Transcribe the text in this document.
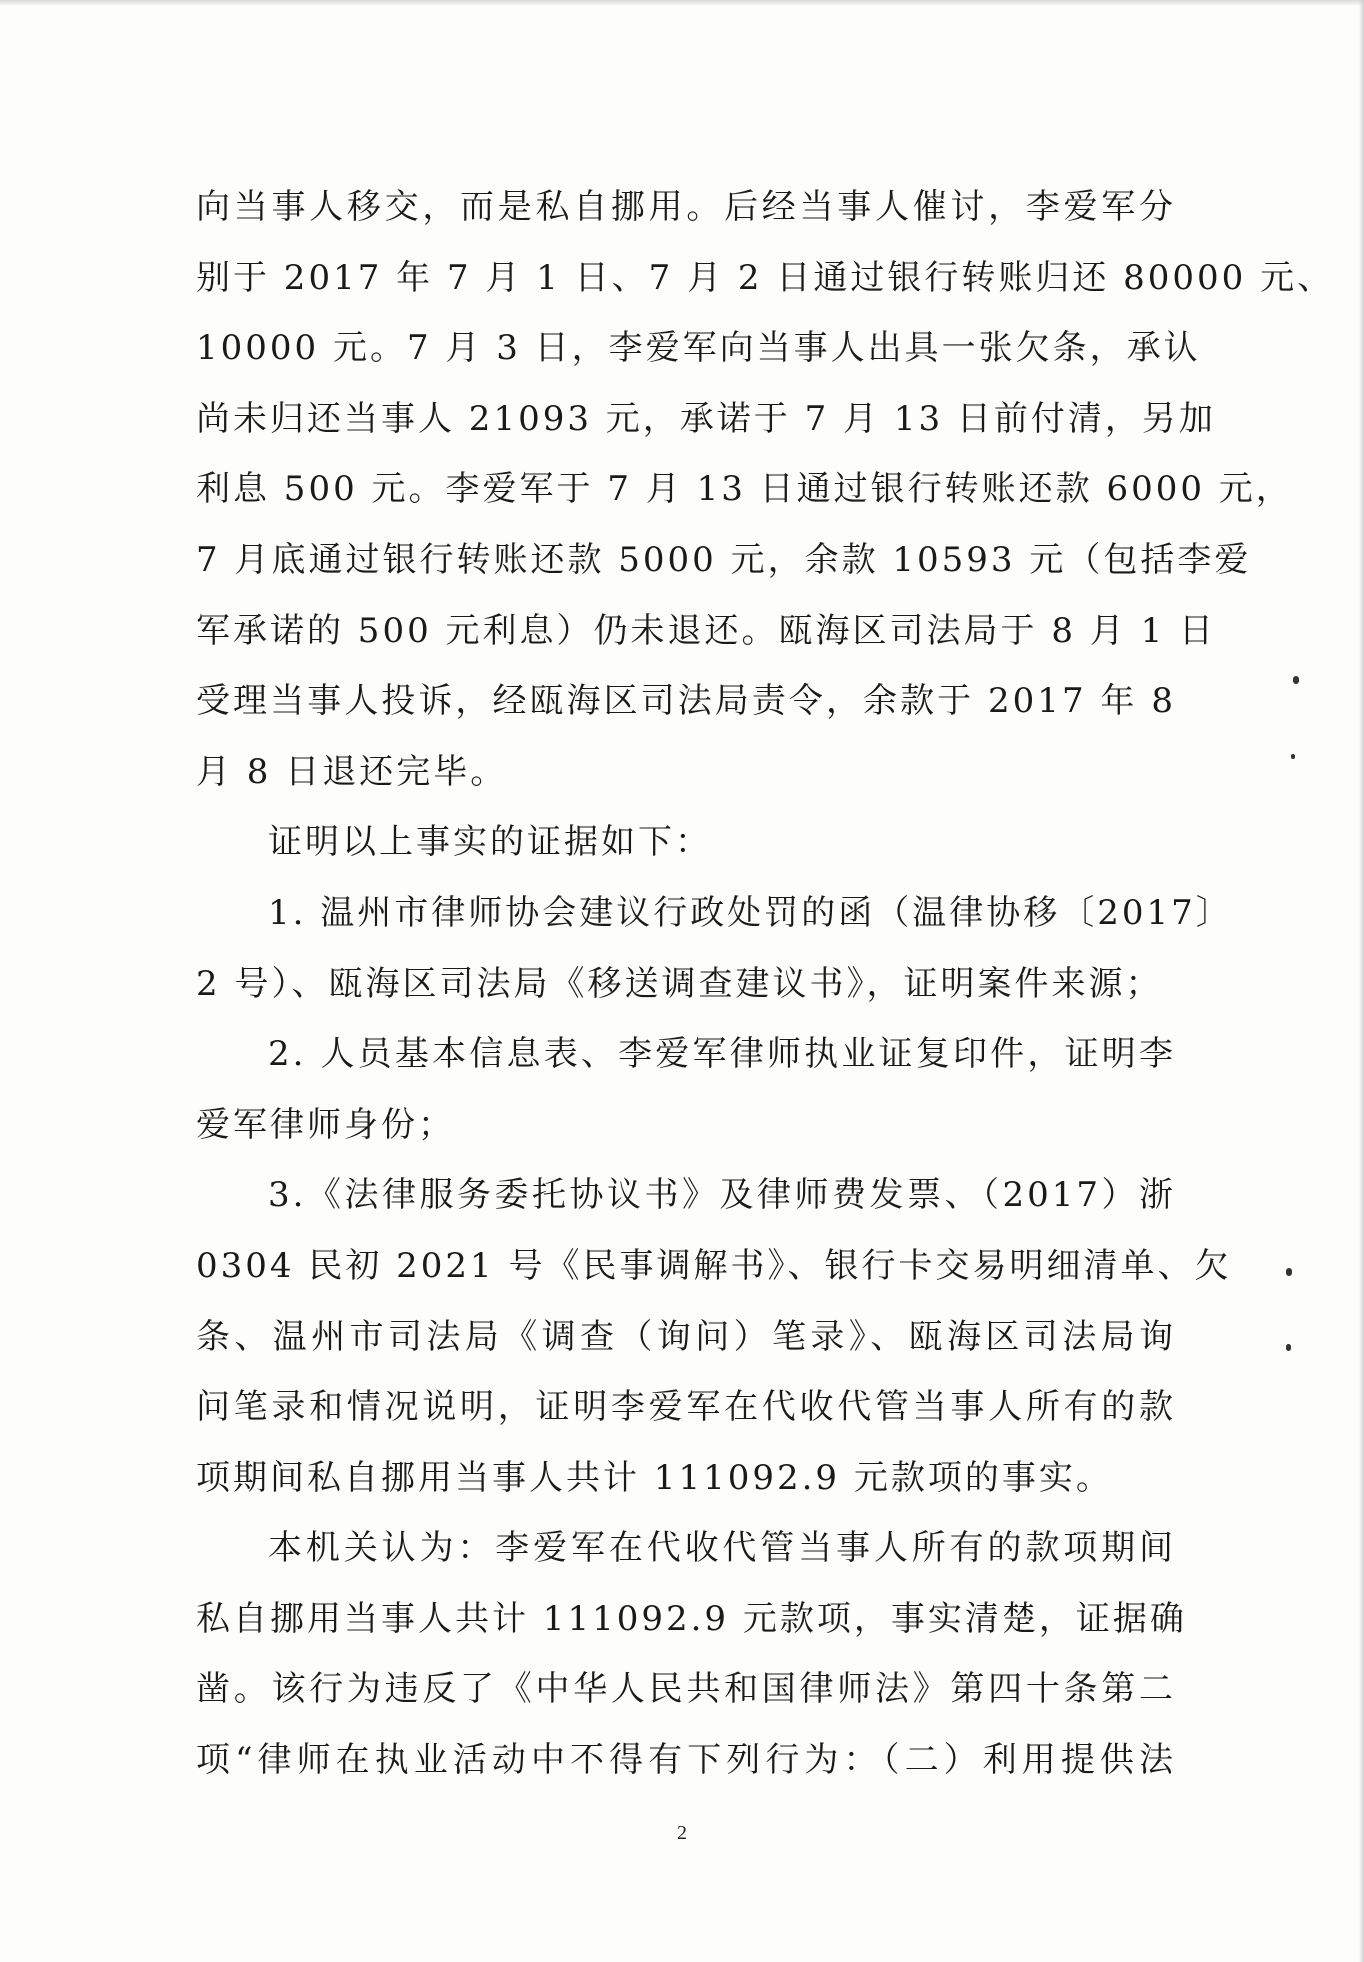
向当事人移交，而是私自挪用。后经当事人催讨，李爱军分
别于 2017 年 7 月 1 日、7 月 2 日通过银行转账归还 80000 元、
10000 元。7 月 3 日，李爱军向当事人出具一张欠条，承认
尚未归还当事人 21093 元，承诺于 7 月 13 日前付清，另加
利息 500 元。李爱军于 7 月 13 日通过银行转账还款 6000 元，
7 月底通过银行转账还款 5000 元，余款 10593 元（包括李爱
军承诺的 500 元利息）仍未退还。瓯海区司法局于 8 月 1 日
受理当事人投诉，经瓯海区司法局责令，余款于 2017 年 8
月 8 日退还完毕。
证明以上事实的证据如下：
1. 温州市律师协会建议行政处罚的函（温律协移〔2017〕
2 号）、瓯海区司法局《移送调查建议书》，证明案件来源；
2. 人员基本信息表、李爱军律师执业证复印件，证明李
爱军律师身份；
3.《法律服务委托协议书》及律师费发票、（2017）浙
0304 民初 2021 号《民事调解书》、银行卡交易明细清单、欠
条、温州市司法局《调查（询问）笔录》、瓯海区司法局询
问笔录和情况说明，证明李爱军在代收代管当事人所有的款
项期间私自挪用当事人共计 111092.9 元款项的事实。
本机关认为：李爱军在代收代管当事人所有的款项期间
私自挪用当事人共计 111092.9 元款项，事实清楚，证据确
凿。该行为违反了《中华人民共和国律师法》第四十条第二
项“律师在执业活动中不得有下列行为：（二）利用提供法
2
